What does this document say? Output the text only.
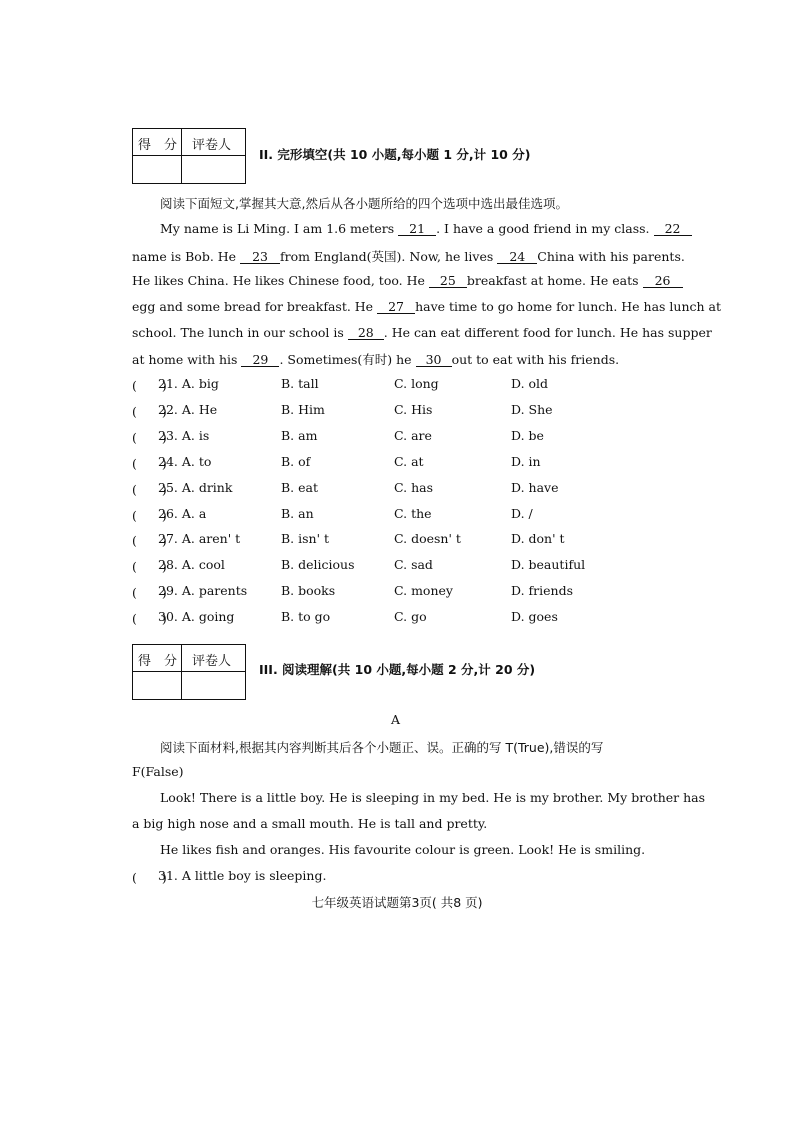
得　分 评卷人
II. 完形填空(共 10 小题,每小题 1 分,计 10 分)
阅读下面短文,掌握其大意,然后从各小题所给的四个选项中选出最佳选项。
My name is Li Ming. I am 1.6 meters 21 . I have a good friend in my class. 22
name is Bob. He 23 from England(英国). Now, he lives 24 China with his parents.
He likes China. He likes Chinese food, too. He 25 breakfast at home. He eats 26
egg and some bread for breakfast. He 27 have time to go home for lunch. He has lunch at
school. The lunch in our school is 28 . He can eat different food for lunch. He has supper
at home with his 29 . Sometimes(有时) he 30 out to eat with his friends.
(　　)
21. A. big	B. tall	C. long	D. old
(　　)
22. A. He	B. Him	C. His	D. She
(　　)
23. A. is	B. am	C. are	D. be
(　　)
24. A. to	B. of	C. at	D. in
(　　)
25. A. drink	B. eat	C. has	D. have
(　　)
26. A. a	B. an	C. the	D. /
(　　)
27. A. aren' t	B. isn' t	C. doesn' t	D. don' t
(　　)
28. A. cool	B. delicious	C. sad	D. beautiful
(　　)
29. A. parents	B. books	C. money	D. friends
(　　)
30. A. going	B. to go	C. go	D. goes
得　分 评卷人
III. 阅读理解(共 10 小题,每小题 2 分,计 20 分)
A
阅读下面材料,根据其内容判断其后各个小题正、误。正确的写 T(True),错误的写
F(False)
Look! There is a little boy. He is sleeping in my bed. He is my brother. My brother has
a big high nose and a small mouth. He is tall and pretty.
He likes fish and oranges. His favourite colour is green. Look! He is smiling.
(　　)
31. A little boy is sleeping.
七年级英语试题第3页( 共8 页)
